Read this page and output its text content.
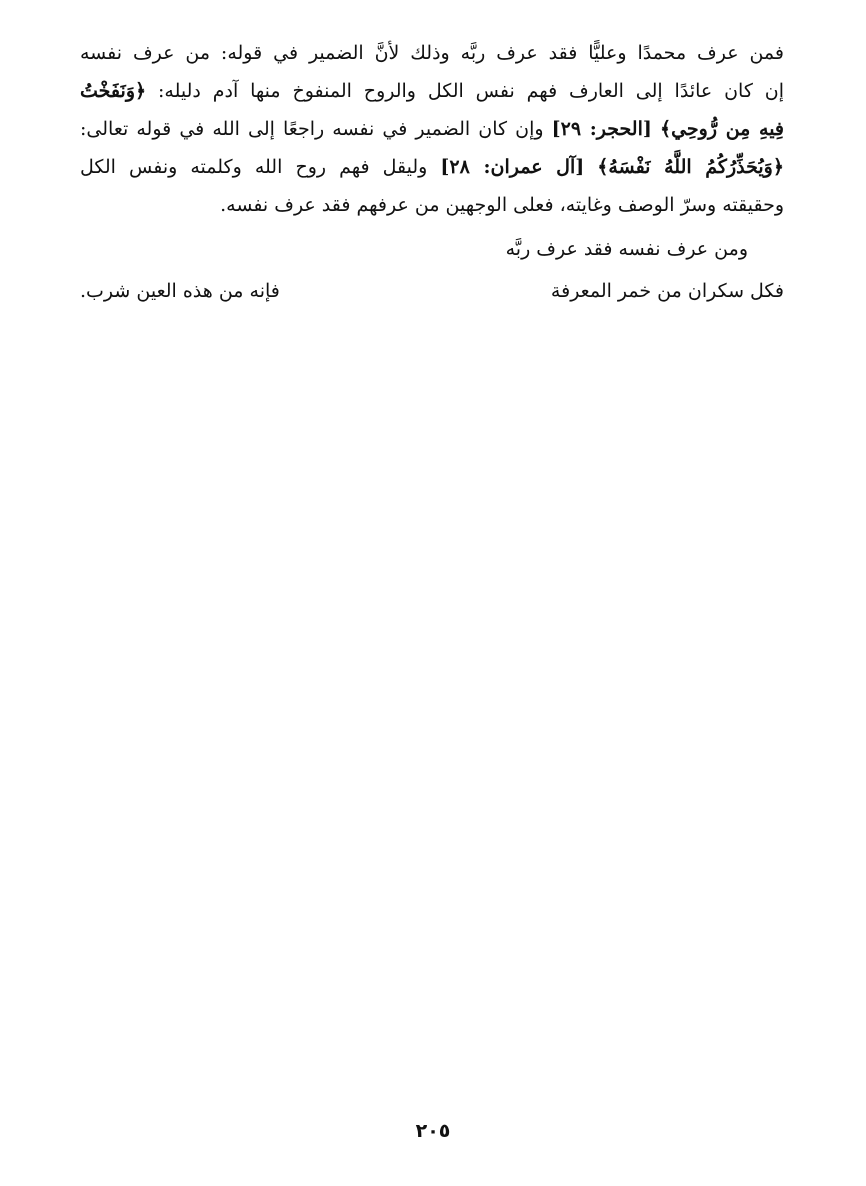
فمن عرف محمدًا وعليًّا فقد عرف ربَّه وذلك لأنَّ الضمير في قوله: من عرف نفسه
إن كان عائدًا إلى العارف فهم نفس الكل والروح المنفوخ منها آدم دليله: ﴿وَنَفَخْتُ
فِيهِ مِن رُّوحِي﴾ [الحجر: ٢٩] وإن كان الضمير في نفسه راجعًا إلى الله في قوله تعالى:
﴿وَيُحَذِّرُكُمُ اللَّهُ نَفْسَهُ﴾ [آل عمران: ٢٨] وليقل فهم روح الله وكلمته ونفس الكل
وحقيقته وسرّ الوصف وغايته، فعلى الوجهين من عرفهم فقد عرف نفسه.
ومن عرف نفسه فقد عرف ربَّه
فكل سكران من خمر المعرفة
فإنه من هذه العين شرب.
٢٠٥
